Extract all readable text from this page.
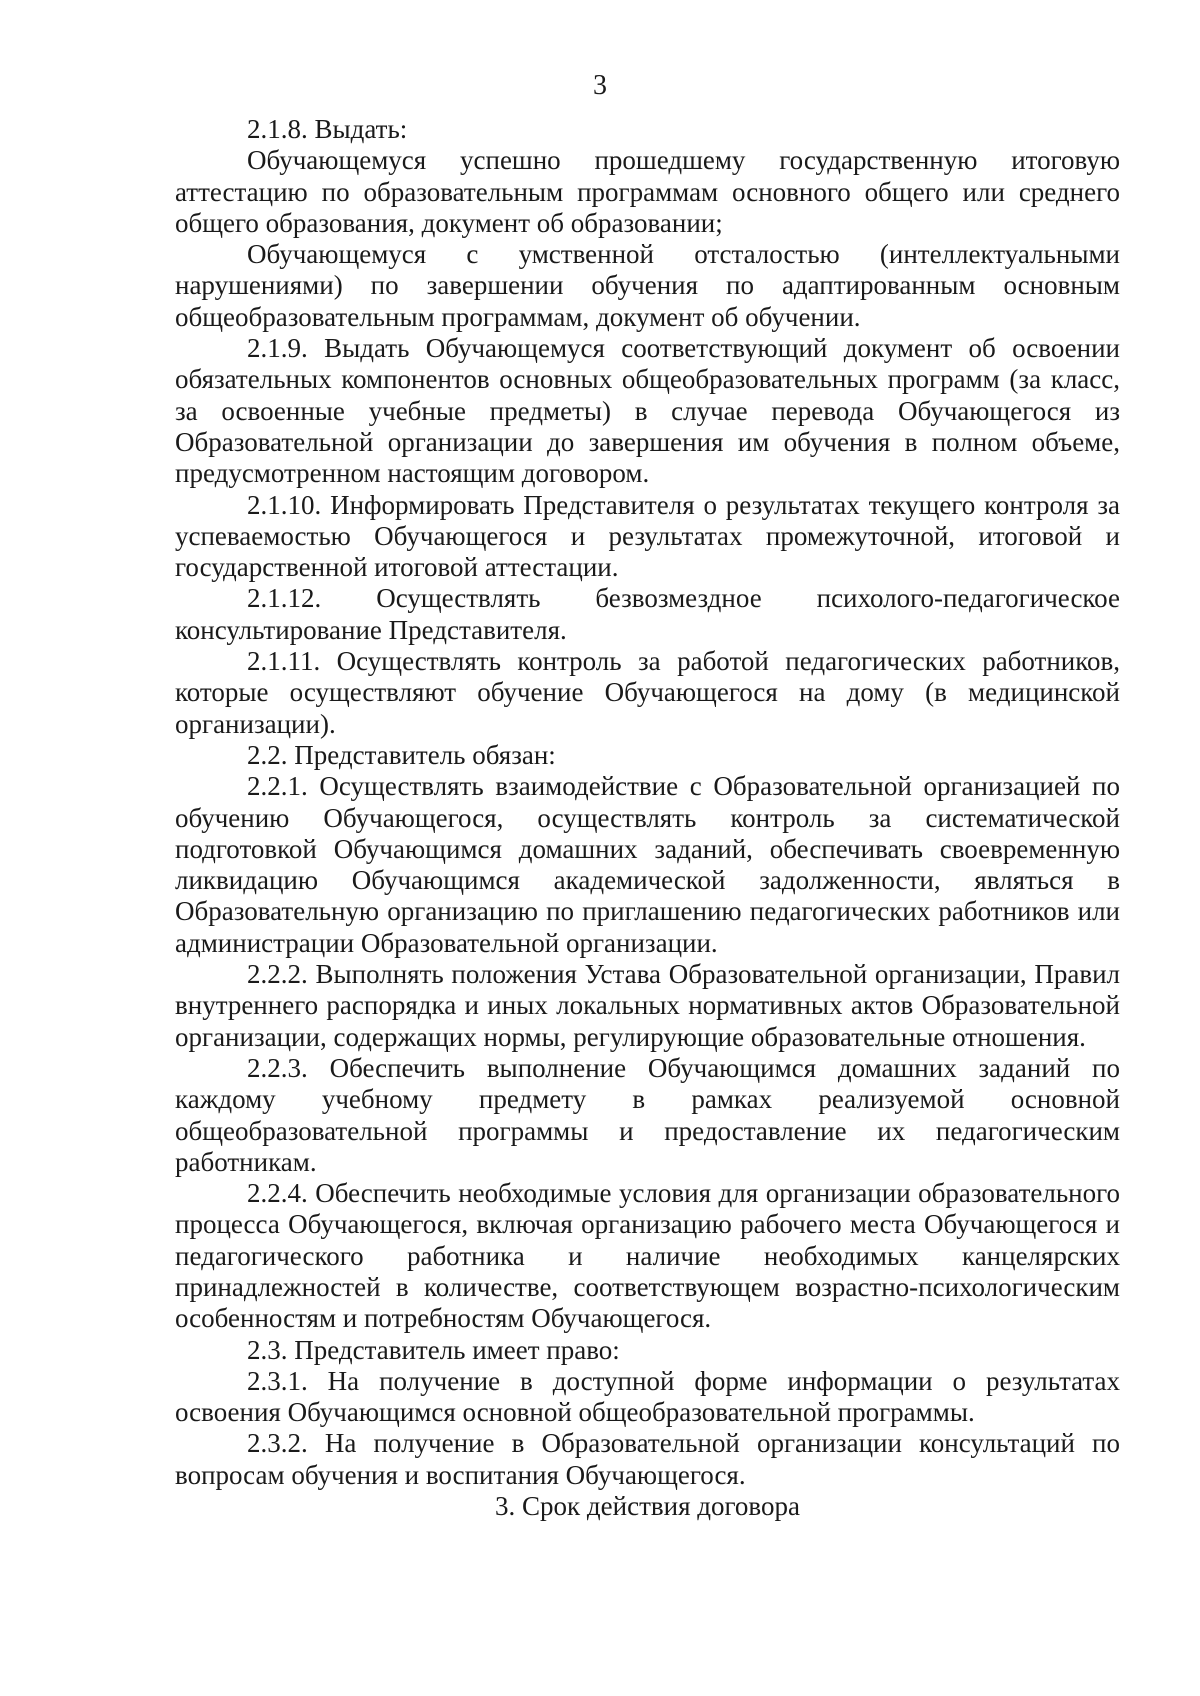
3

2.1.8. Выдать:

Обучающемуся успешно прошедшему государственную итоговую аттестацию по образовательным программам основного общего или среднего общего образования, документ об образовании;

Обучающемуся с умственной отсталостью (интеллектуальными нарушениями) по завершении обучения по адаптированным основным общеобразовательным программам, документ об обучении.

2.1.9. Выдать Обучающемуся соответствующий документ об освоении обязательных компонентов основных общеобразовательных программ (за класс, за освоенные учебные предметы) в случае перевода Обучающегося из Образовательной организации до завершения им обучения в полном объеме, предусмотренном настоящим договором.

2.1.10. Информировать Представителя о результатах текущего контроля за успеваемостью Обучающегося и результатах промежуточной, итоговой и государственной итоговой аттестации.

2.1.12. Осуществлять безвозмездное психолого-педагогическое консультирование Представителя.

2.1.11. Осуществлять контроль за работой педагогических работников, которые осуществляют обучение Обучающегося на дому (в медицинской организации).

2.2. Представитель обязан:

2.2.1. Осуществлять взаимодействие с Образовательной организацией по обучению Обучающегося, осуществлять контроль за систематической подготовкой Обучающимся домашних заданий, обеспечивать своевременную ликвидацию Обучающимся академической задолженности, являться в Образовательную организацию по приглашению педагогических работников или администрации Образовательной организации.

2.2.2. Выполнять положения Устава Образовательной организации, Правил внутреннего распорядка и иных локальных нормативных актов Образовательной организации, содержащих нормы, регулирующие образовательные отношения.

2.2.3. Обеспечить выполнение Обучающимся домашних заданий по каждому учебному предмету в рамках реализуемой основной общеобразовательной программы и предоставление их педагогическим работникам.

2.2.4. Обеспечить необходимые условия для организации образовательного процесса Обучающегося, включая организацию рабочего места Обучающегося и педагогического работника и наличие необходимых канцелярских принадлежностей в количестве, соответствующем возрастно-психологическим особенностям и потребностям Обучающегося.

2.3. Представитель имеет право:

2.3.1. На получение в доступной форме информации о результатах освоения Обучающимся основной общеобразовательной программы.

2.3.2. На получение в Образовательной организации консультаций по вопросам обучения и воспитания Обучающегося.

3. Срок действия договора
